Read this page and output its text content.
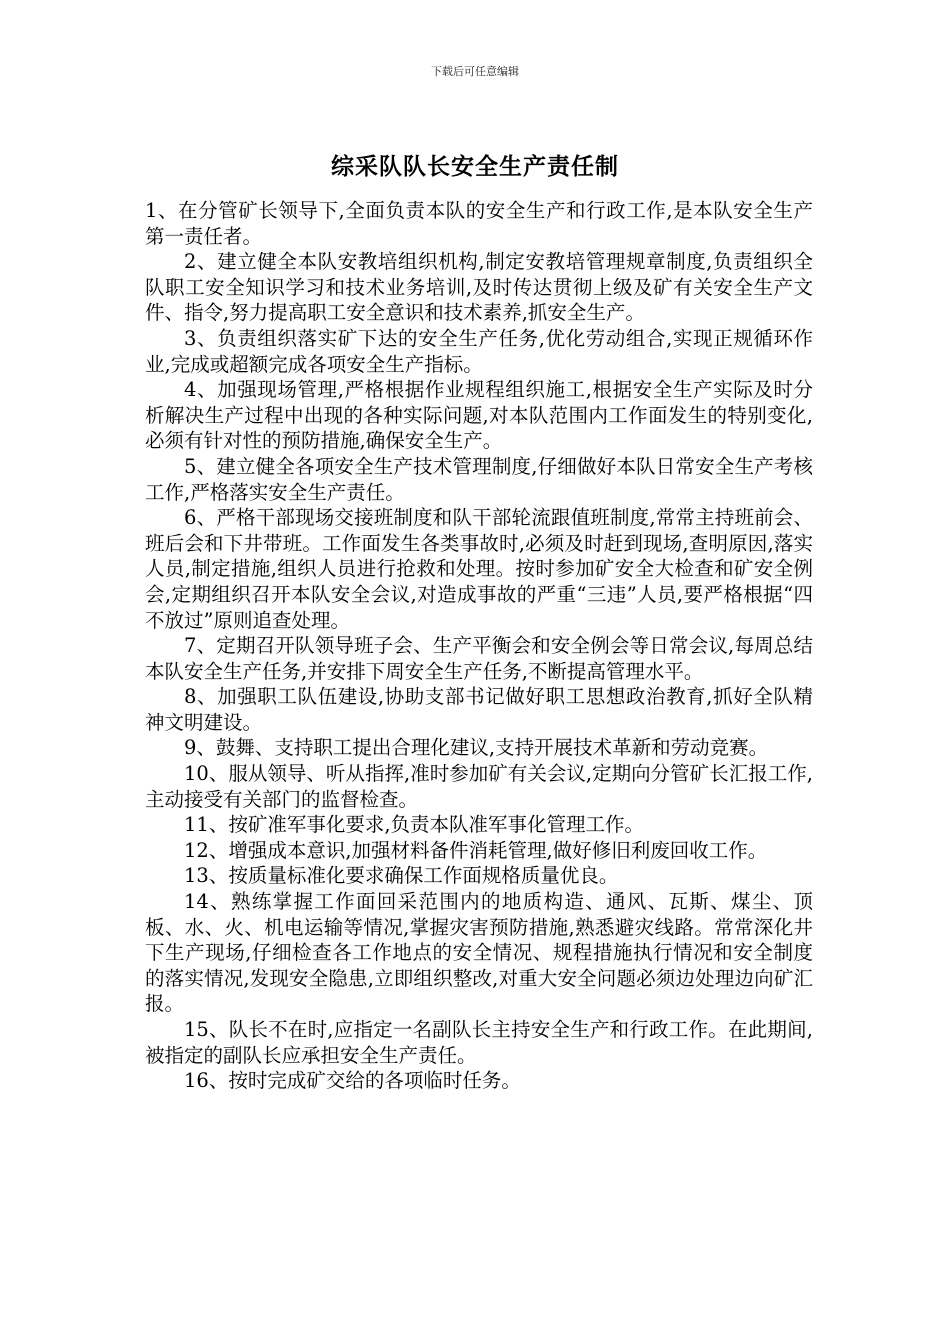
下载后可任意编辑
综采队队长安全生产责任制

1、在分管矿长领导下,全面负责本队的安全生产和行政工作,是本队安全生产第一责任者。

2、建立健全本队安教培组织机构,制定安教培管理规章制度,负责组织全队职工安全知识学习和技术业务培训,及时传达贯彻上级及矿有关安全生产文件、指令,努力提高职工安全意识和技术素养,抓安全生产。

3、负责组织落实矿下达的安全生产任务,优化劳动组合,实现正规循环作业,完成或超额完成各项安全生产指标。

4、加强现场管理,严格根据作业规程组织施工,根据安全生产实际及时分析解决生产过程中出现的各种实际问题,对本队范围内工作面发生的特别变化,必须有针对性的预防措施,确保安全生产。

5、建立健全各项安全生产技术管理制度,仔细做好本队日常安全生产考核工作,严格落实安全生产责任。

6、严格干部现场交接班制度和队干部轮流跟值班制度,常常主持班前会、班后会和下井带班。工作面发生各类事故时,必须及时赶到现场,查明原因,落实人员,制定措施,组织人员进行抢救和处理。按时参加矿安全大检查和矿安全例会,定期组织召开本队安全会议,对造成事故的严重“三违”人员,要严格根据“四不放过”原则追查处理。

7、定期召开队领导班子会、生产平衡会和安全例会等日常会议,每周总结本队安全生产任务,并安排下周安全生产任务,不断提高管理水平。

8、加强职工队伍建设,协助支部书记做好职工思想政治教育,抓好全队精神文明建设。

9、鼓舞、支持职工提出合理化建议,支持开展技术革新和劳动竞赛。

10、服从领导、听从指挥,准时参加矿有关会议,定期向分管矿长汇报工作,主动接受有关部门的监督检查。

11、按矿准军事化要求,负责本队准军事化管理工作。

12、增强成本意识,加强材料备件消耗管理,做好修旧利废回收工作。

13、按质量标准化要求确保工作面规格质量优良。

14、熟练掌握工作面回采范围内的地质构造、通风、瓦斯、煤尘、顶板、水、火、机电运输等情况,掌握灾害预防措施,熟悉避灾线路。常常深化井下生产现场,仔细检查各工作地点的安全情况、规程措施执行情况和安全制度的落实情况,发现安全隐患,立即组织整改,对重大安全问题必须边处理边向矿汇报。

15、队长不在时,应指定一名副队长主持安全生产和行政工作。在此期间,被指定的副队长应承担安全生产责任。

16、按时完成矿交给的各项临时任务。
